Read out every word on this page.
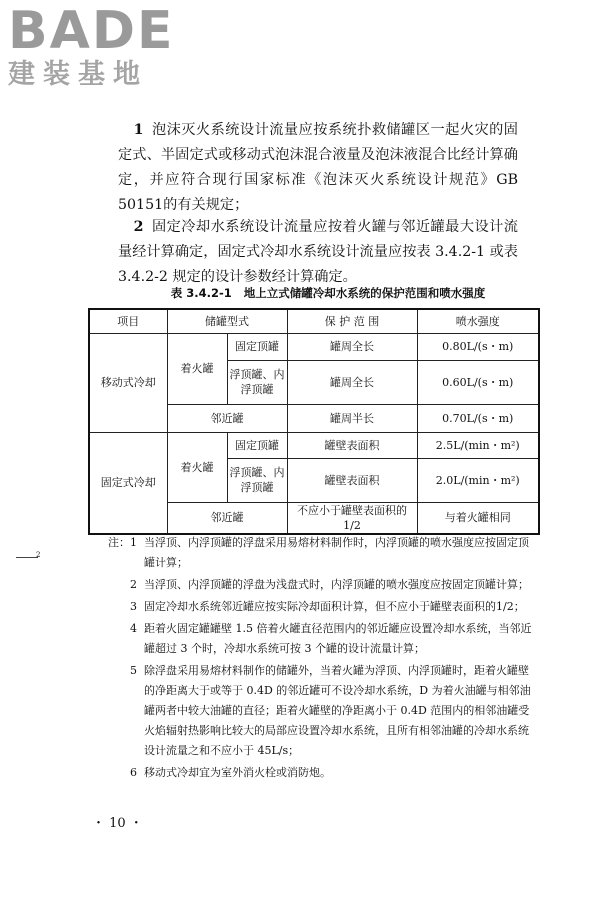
BADE
建装基地

1 泡沫灭火系统设计流量应按系统扑救储罐区一起火灾的固定式、半固定式或移动式泡沫混合液量及泡沫液混合比经计算确定，并应符合现行国家标准《泡沫灭火系统设计规范》GB 50151的有关规定；

2 固定冷却水系统设计流量应按着火罐与邻近罐最大设计流量经计算确定，固定式冷却水系统设计流量应按表 3.4.2-1 或表 3.4.2-2 规定的设计参数经计算确定。

表 3.4.2-1 地上立式储罐冷却水系统的保护范围和喷水强度
项目	储罐型式		保 护 范 围	喷水强度
移动式冷却	着火罐	固定顶罐	罐周全长	0.80L/(s・m)
		浮顶罐、内浮顶罐	罐周全长	0.60L/(s・m)
	邻近罐		罐周半长	0.70L/(s・m)
固定式冷却	着火罐	固定顶罐	罐壁表面积	2.5L/(min・m²)
		浮顶罐、内浮顶罐	罐壁表面积	2.0L/(min・m²)
	邻近罐		不应小于罐壁表面积的 1/2	与着火罐相同
2
注： 1 当浮顶、内浮顶罐的浮盘采用易熔材料制作时，内浮顶罐的喷水强度应按固定顶罐计算；
2 当浮顶、内浮顶罐的浮盘为浅盘式时，内浮顶罐的喷水强度应按固定顶罐计算；
3 固定冷却水系统邻近罐应按实际冷却面积计算，但不应小于罐壁表面积的1/2；
4 距着火固定罐罐壁 1.5 倍着火罐直径范围内的邻近罐应设置冷却水系统，当邻近罐超过 3 个时，冷却水系统可按 3 个罐的设计流量计算；
5 除浮盘采用易熔材料制作的储罐外，当着火罐为浮顶、内浮顶罐时，距着火罐壁的净距离大于或等于 0.4D 的邻近罐可不设冷却水系统，D 为着火油罐与相邻油罐两者中较大油罐的直径；距着火罐壁的净距离小于 0.4D 范围内的相邻油罐受火焰辐射热影响比较大的局部应设置冷却水系统，且所有相邻油罐的冷却水系统设计流量之和不应小于 45L/s；
6 移动式冷却宜为室外消火栓或消防炮。
・ 10 ・
